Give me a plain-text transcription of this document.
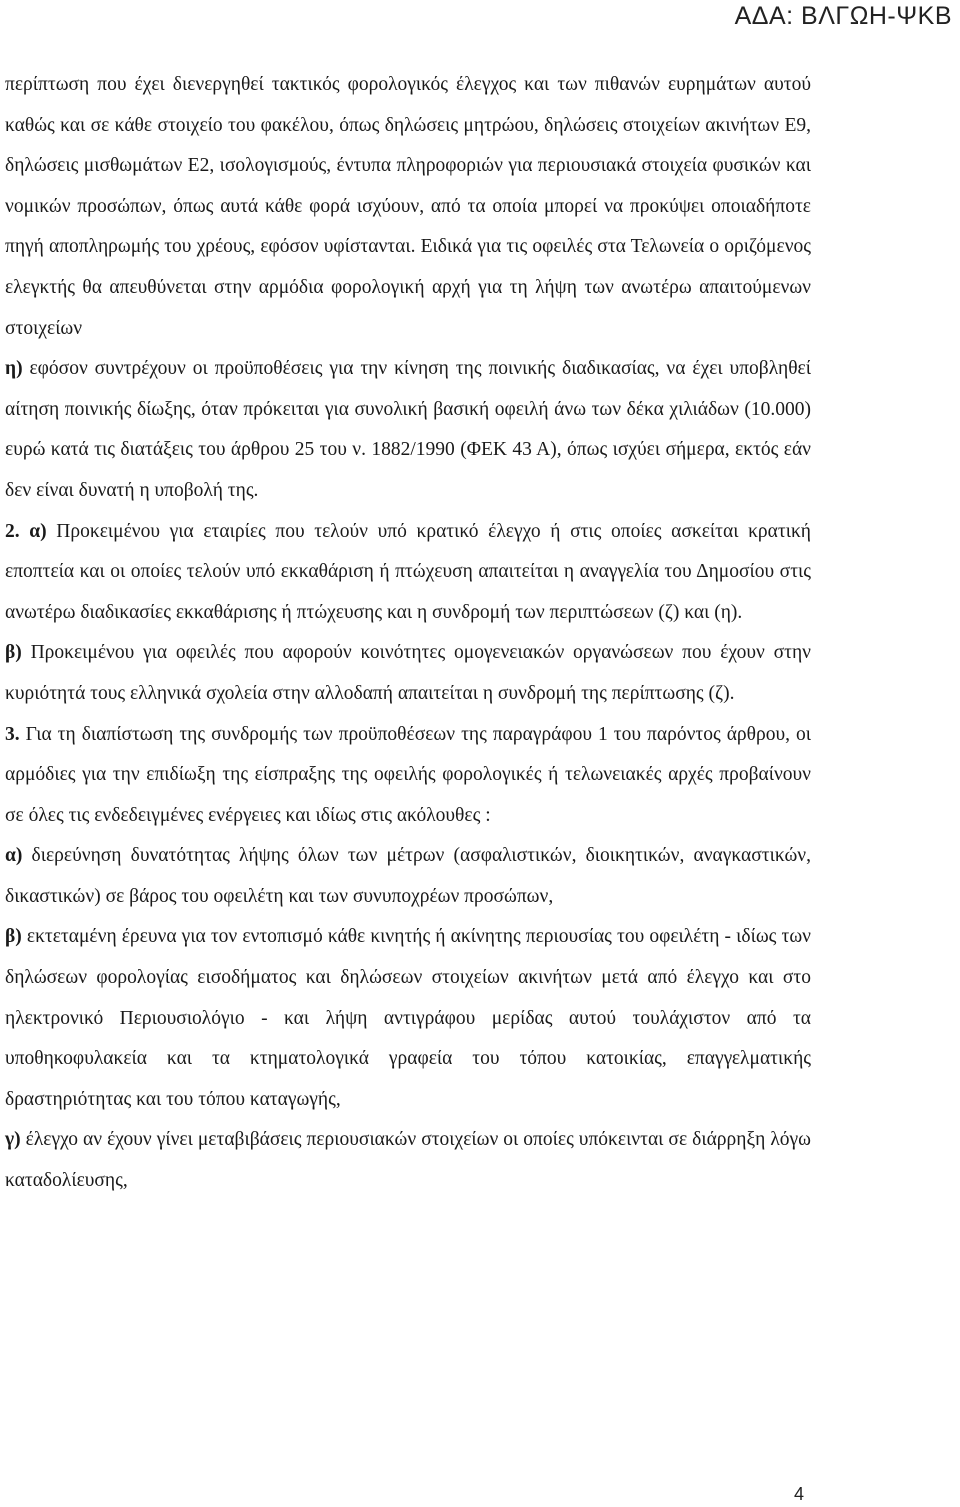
ΑΔΑ: ΒΛΓΩΗ-ΨΚΒ

περίπτωση που έχει διενεργηθεί τακτικός φορολογικός έλεγχος και των πιθανών ευρημάτων αυτού καθώς και σε κάθε στοιχείο του φακέλου, όπως δηλώσεις μητρώου, δηλώσεις στοιχείων ακινήτων Ε9, δηλώσεις μισθωμάτων Ε2, ισολογισμούς, έντυπα πληροφοριών για περιουσιακά στοιχεία φυσικών και νομικών προσώπων, όπως αυτά κάθε φορά ισχύουν, από τα οποία μπορεί να προκύψει οποιαδήποτε πηγή αποπληρωμής του χρέους, εφόσον υφίστανται. Ειδικά για τις οφειλές στα Τελωνεία ο οριζόμενος ελεγκτής θα απευθύνεται στην αρμόδια φορολογική αρχή για τη λήψη των ανωτέρω απαιτούμενων στοιχείων

η) εφόσον συντρέχουν οι προϋποθέσεις για την κίνηση της ποινικής διαδικασίας, να έχει υποβληθεί αίτηση ποινικής δίωξης, όταν πρόκειται για συνολική βασική οφειλή άνω των δέκα χιλιάδων (10.000) ευρώ κατά τις διατάξεις του άρθρου 25 του ν. 1882/1990 (ΦΕΚ 43 Α), όπως ισχύει σήμερα, εκτός εάν δεν είναι δυνατή η υποβολή της.

2. α) Προκειμένου για εταιρίες που τελούν υπό κρατικό έλεγχο ή στις οποίες ασκείται κρατική εποπτεία και οι οποίες τελούν υπό εκκαθάριση ή πτώχευση απαιτείται η αναγγελία του Δημοσίου στις ανωτέρω διαδικασίες εκκαθάρισης ή πτώχευσης και η συνδρομή των περιπτώσεων (ζ) και (η).

β) Προκειμένου για οφειλές που αφορούν κοινότητες ομογενειακών οργανώσεων που έχουν στην κυριότητά τους ελληνικά σχολεία στην αλλοδαπή απαιτείται η συνδρομή της περίπτωσης (ζ).

3. Για τη διαπίστωση της συνδρομής των προϋποθέσεων της παραγράφου 1 του παρόντος άρθρου, οι αρμόδιες για την επιδίωξη της είσπραξης της οφειλής φορολογικές ή τελωνειακές αρχές προβαίνουν σε όλες τις ενδεδειγμένες ενέργειες και ιδίως στις ακόλουθες :

α) διερεύνηση δυνατότητας λήψης όλων των μέτρων (ασφαλιστικών, διοικητικών, αναγκαστικών, δικαστικών) σε βάρος του οφειλέτη και των συνυποχρέων προσώπων,

β) εκτεταμένη έρευνα για τον εντοπισμό κάθε κινητής ή ακίνητης περιουσίας του οφειλέτη - ιδίως των δηλώσεων φορολογίας εισοδήματος και δηλώσεων στοιχείων ακινήτων μετά από έλεγχο και στο ηλεκτρονικό Περιουσιολόγιο - και λήψη αντιγράφου μερίδας αυτού τουλάχιστον από τα υποθηκοφυλακεία και τα κτηματολογικά γραφεία του τόπου κατοικίας, επαγγελματικής δραστηριότητας και του τόπου καταγωγής,

γ) έλεγχο αν έχουν γίνει μεταβιβάσεις περιουσιακών στοιχείων οι οποίες υπόκεινται σε διάρρηξη λόγω καταδολίευσης,

4
